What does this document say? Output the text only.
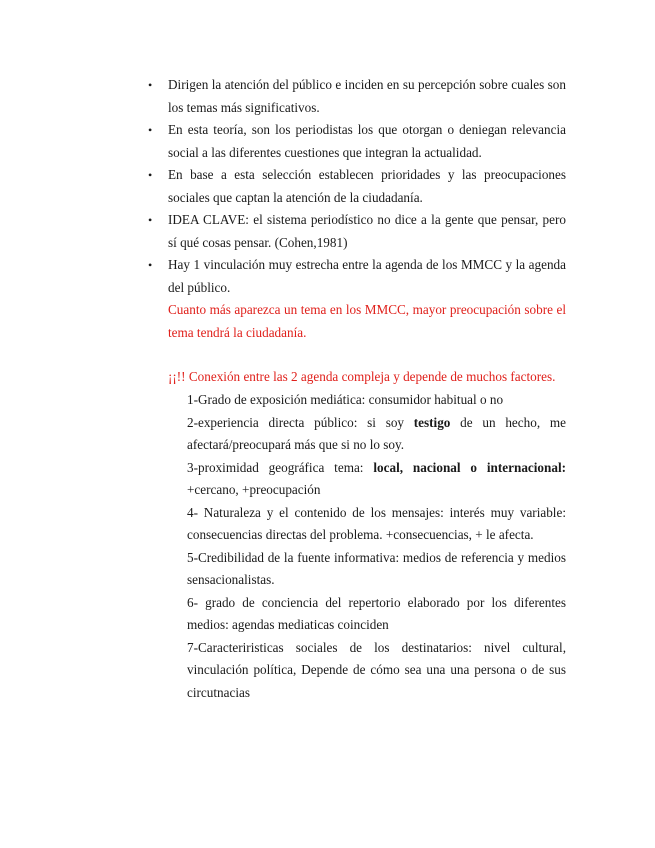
• Dirigen la atención del público e inciden en su percepción sobre cuales son los temas más significativos.
• En esta teoría, son los periodistas los que otorgan o deniegan relevancia social a las diferentes cuestiones que integran la actualidad.
• En base a esta selección establecen prioridades y las preocupaciones sociales que captan la atención de la ciudadanía.
• IDEA CLAVE: el sistema periodístico no dice a la gente que pensar, pero sí qué cosas pensar. (Cohen,1981)
• Hay 1 vinculación muy estrecha entre la agenda de los MMCC y la agenda del público.
Cuanto más aparezca un tema en los MMCC, mayor preocupación sobre el tema tendrá la ciudadanía.
¡¡!! Conexión entre las 2 agenda compleja y depende de muchos factores.
1-Grado de exposición mediática: consumidor habitual o no
2-experiencia directa público: si soy testigo de un hecho, me afectará/preocupará más que si no lo soy.
3-proximidad geográfica tema: local, nacional o internacional: +cercano, +preocupación
4- Naturaleza y el contenido de los mensajes: interés muy variable: consecuencias directas del problema. +consecuencias, + le afecta.
5-Credibilidad de la fuente informativa: medios de referencia y medios sensacionalistas.
6- grado de conciencia del repertorio elaborado por los diferentes medios: agendas mediaticas coinciden
7-Caracteriristicas sociales de los destinatarios: nivel cultural, vinculación política, Depende de cómo sea una una persona o de sus circutnacias
